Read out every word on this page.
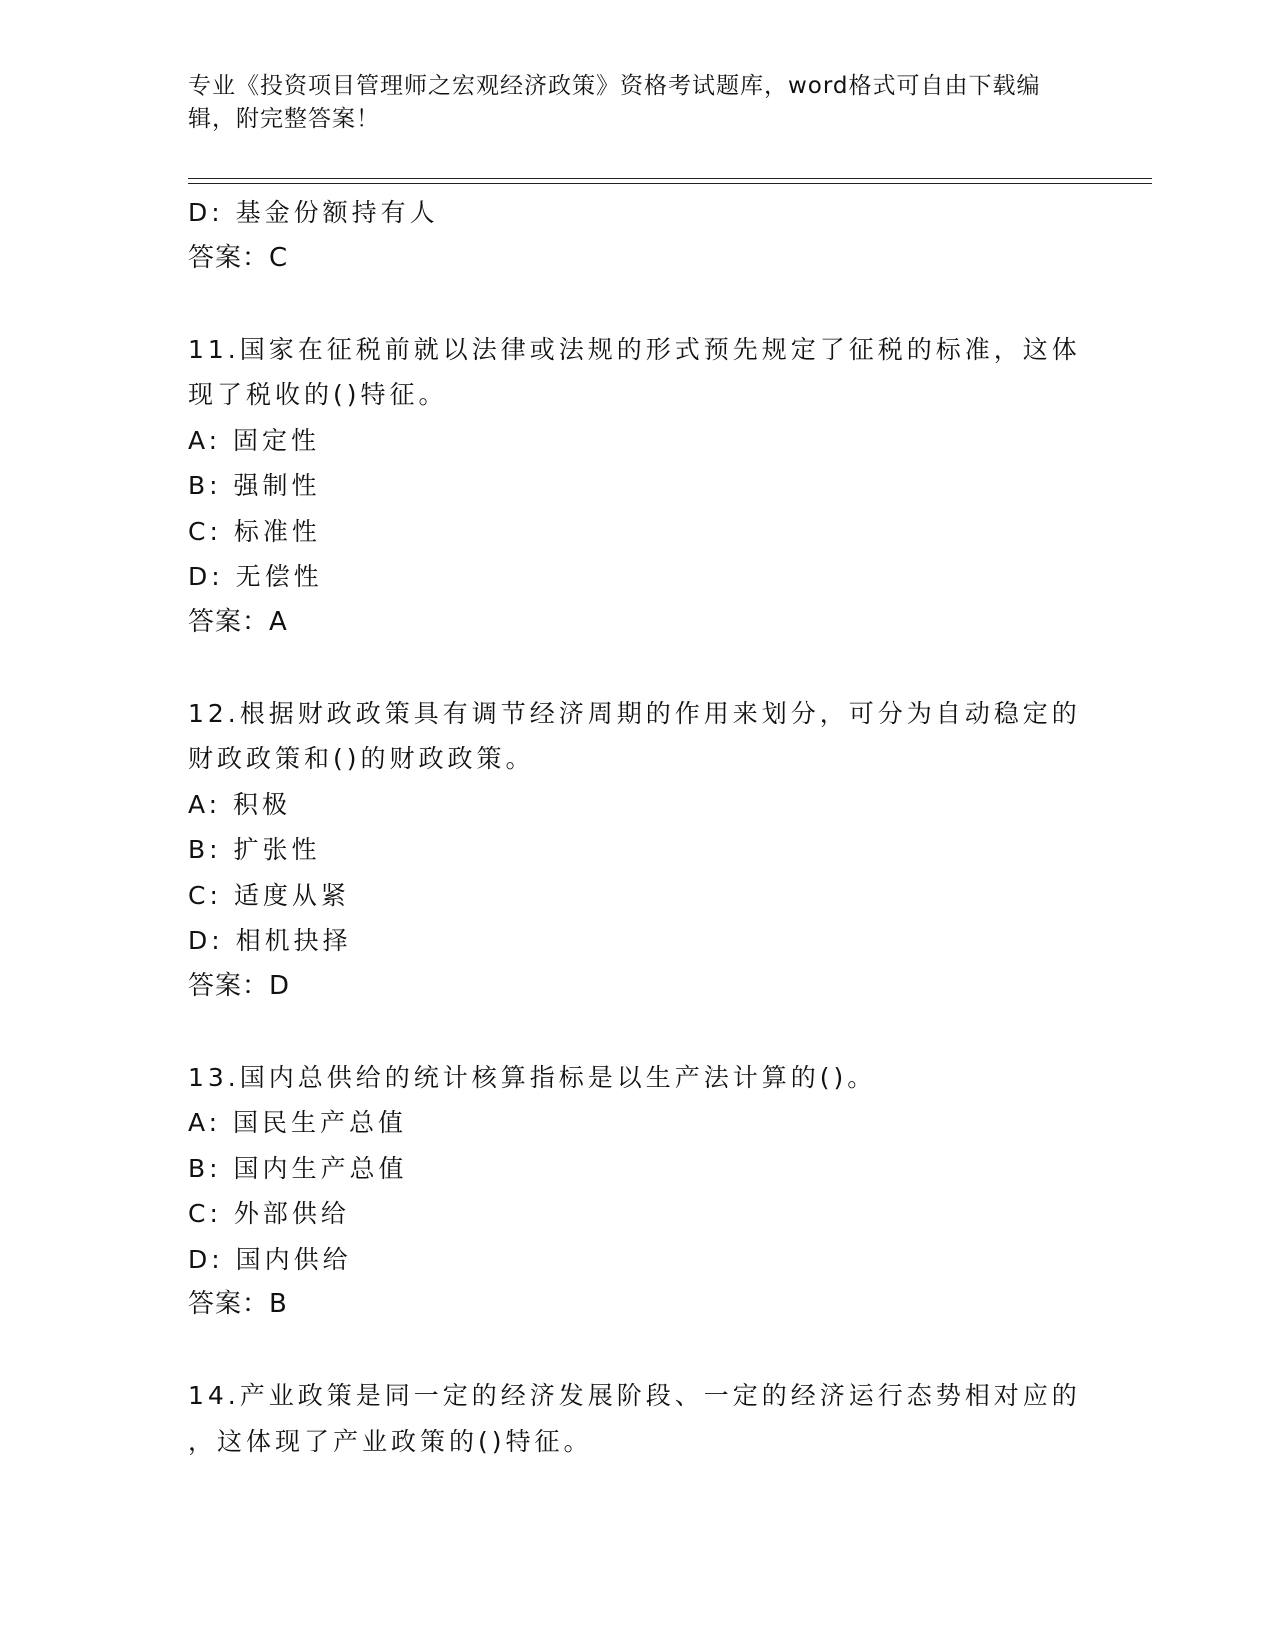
专业《投资项目管理师之宏观经济政策》资格考试题库，word格式可自由下载编辑，附完整答案！
D: 基金份额持有人
答案：C
11.国家在征税前就以法律或法规的形式预先规定了征税的标准，这体
现了税收的()特征。
A: 固定性
B: 强制性
C: 标准性
D: 无偿性
答案：A
12.根据财政政策具有调节经济周期的作用来划分，可分为自动稳定的
财政政策和()的财政政策。
A: 积极
B: 扩张性
C: 适度从紧
D: 相机抉择
答案：D
13.国内总供给的统计核算指标是以生产法计算的()。
A: 国民生产总值
B: 国内生产总值
C: 外部供给
D: 国内供给
答案：B
14.产业政策是同一定的经济发展阶段、一定的经济运行态势相对应的
，这体现了产业政策的()特征。
